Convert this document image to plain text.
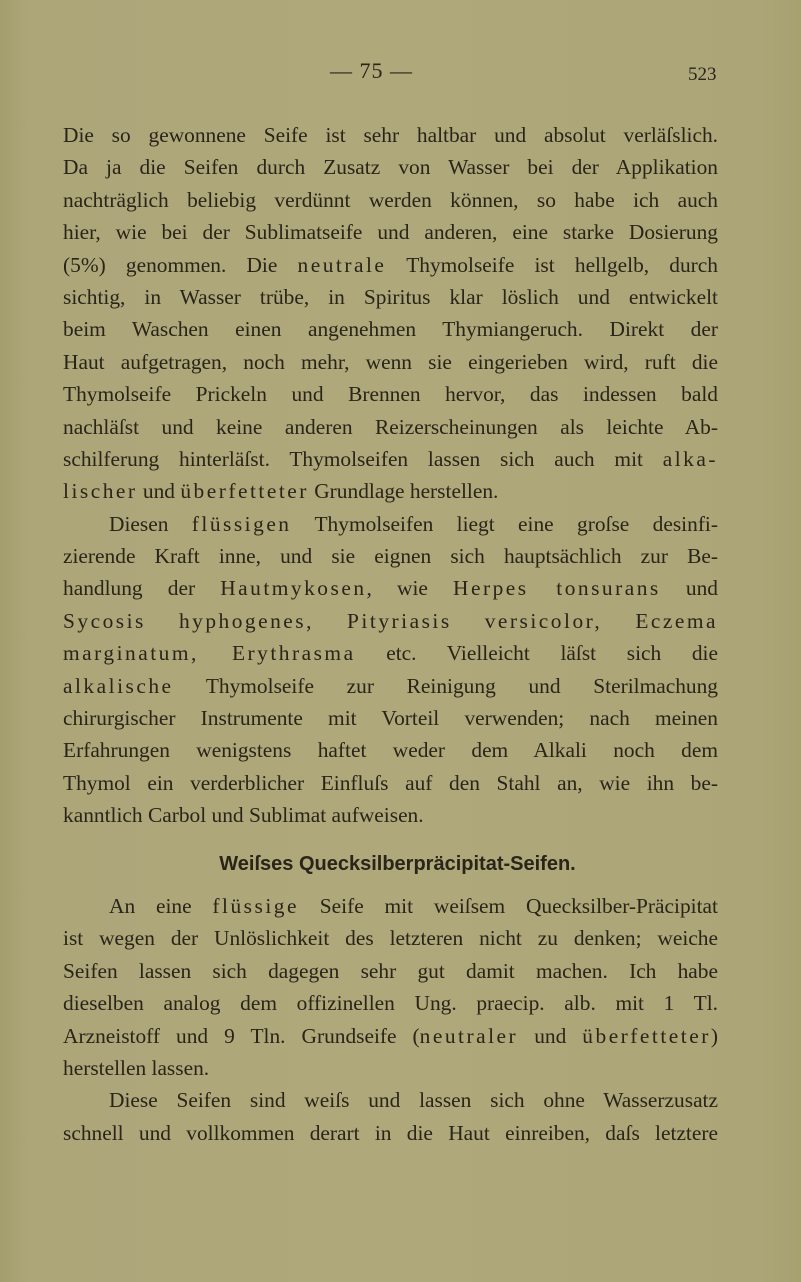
— 75 —	523
Die so gewonnene Seife ist sehr haltbar und absolut verläſslich.
Da ja die Seifen durch Zusatz von Wasser bei der Applikation
nachträglich beliebig verdünnt werden können, so habe ich auch
hier, wie bei der Sublimatseife und anderen, eine starke Dosierung
(5%) genommen. Die neutrale Thymolseife ist hellgelb, durch
sichtig, in Wasser trübe, in Spiritus klar löslich und entwickelt
beim Waschen einen angenehmen Thymiangeruch. Direkt der
Haut aufgetragen, noch mehr, wenn sie eingerieben wird, ruft die
Thymolseife Prickeln und Brennen hervor, das indessen bald
nachläſst und keine anderen Reizerscheinungen als leichte Ab-
schilferung hinterläſst. Thymolseifen lassen sich auch mit alka-
lischer und überfetteter Grundlage herstellen.
Diesen flüssigen Thymolseifen liegt eine groſse desinfi-
zierende Kraft inne, und sie eignen sich hauptsächlich zur Be-
handlung der Hautmykosen, wie Herpes tonsurans und
Sycosis hyphogenes, Pityriasis versicolor, Eczema
marginatum, Erythrasma etc. Vielleicht läſst sich die
alkalische Thymolseife zur Reinigung und Sterilmachung
chirurgischer Instrumente mit Vorteil verwenden; nach meinen
Erfahrungen wenigstens haftet weder dem Alkali noch dem
Thymol ein verderblicher Einfluſs auf den Stahl an, wie ihn be-
kanntlich Carbol und Sublimat aufweisen.
Weiſses Quecksilberpräcipitat-Seifen.
An eine flüssige Seife mit weiſsem Quecksilber-Präcipitat
ist wegen der Unlöslichkeit des letzteren nicht zu denken; weiche
Seifen lassen sich dagegen sehr gut damit machen. Ich habe
dieselben analog dem offizinellen Ung. praecip. alb. mit 1 Tl.
Arzneistoff und 9 Tln. Grundseife (neutraler und überfetteter)
herstellen lassen.
Diese Seifen sind weiſs und lassen sich ohne Wasserzusatz
schnell und vollkommen derart in die Haut einreiben, daſs letztere
